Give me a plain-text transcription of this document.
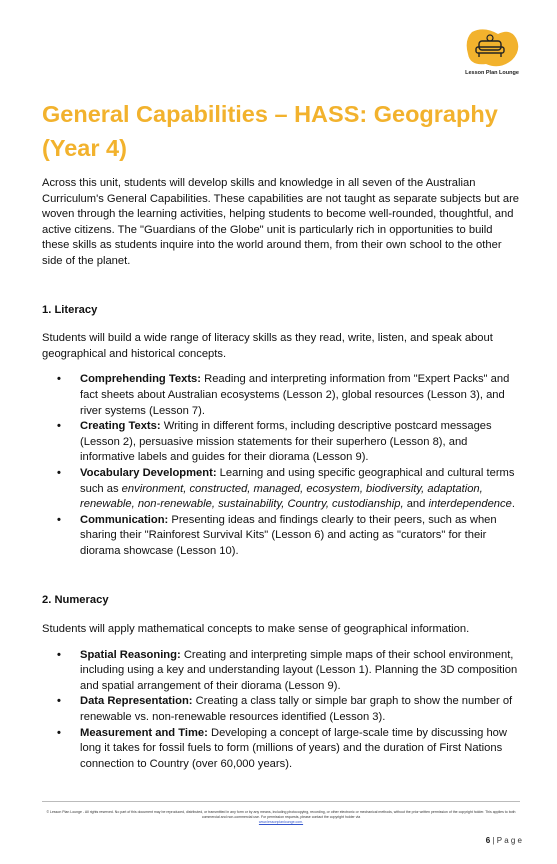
Lesson Plan Lounge
General Capabilities – HASS: Geography (Year 4)

Across this unit, students will develop skills and knowledge in all seven of the Australian Curriculum's General Capabilities. These capabilities are not taught as separate subjects but are woven through the learning activities, helping students to become well-rounded, thoughtful, and active citizens. The "Guardians of the Globe" unit is particularly rich in opportunities to build these skills as students inquire into the world around them, from their own school to the other side of the planet.

1. Literacy

Students will build a wide range of literacy skills as they read, write, listen, and speak about geographical and historical concepts.

• Comprehending Texts: Reading and interpreting information from "Expert Packs" and fact sheets about Australian ecosystems (Lesson 2), global resources (Lesson 3), and river systems (Lesson 7).
• Creating Texts: Writing in different forms, including descriptive postcard messages (Lesson 2), persuasive mission statements for their superhero (Lesson 8), and informative labels and guides for their diorama (Lesson 9).
• Vocabulary Development: Learning and using specific geographical and cultural terms such as environment, constructed, managed, ecosystem, biodiversity, adaptation, renewable, non-renewable, sustainability, Country, custodianship, and interdependence.
• Communication: Presenting ideas and findings clearly to their peers, such as when sharing their "Rainforest Survival Kits" (Lesson 6) and acting as "curators" for their diorama showcase (Lesson 10).

2. Numeracy

Students will apply mathematical concepts to make sense of geographical information.

• Spatial Reasoning: Creating and interpreting simple maps of their school environment, including using a key and understanding layout (Lesson 1). Planning the 3D composition and spatial arrangement of their diorama (Lesson 9).
• Data Representation: Creating a class tally or simple bar graph to show the number of renewable vs. non-renewable resources identified (Lesson 3).
• Measurement and Time: Developing a concept of large-scale time by discussing how long it takes for fossil fuels to form (millions of years) and the duration of First Nations connection to Country (over 60,000 years).
© Lesson Plan Lounge - All rights reserved. No part of this document may be reproduced, distributed, or transmitted in any form or by any means, including photocopying, recording, or other electronic or mechanical methods, without the prior written permission of the copyright holder. This applies to both commercial and non-commercial use. For permission requests, please contact the copyright holder via
www.lessonplanlounge.com.
6 | P a g e
